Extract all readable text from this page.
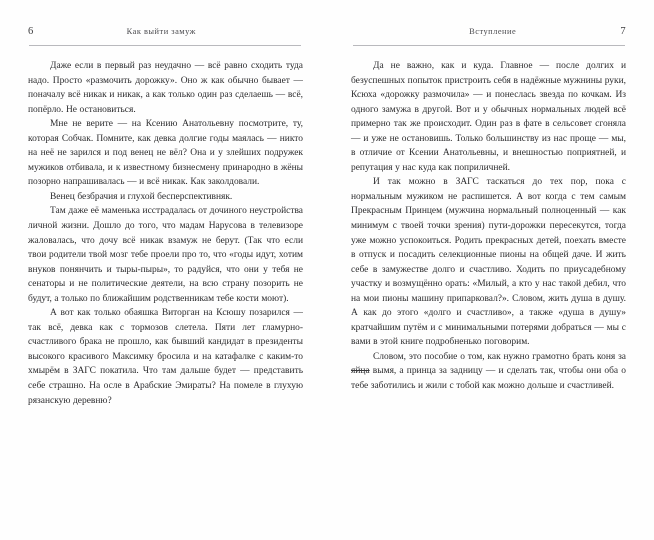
6	Как выйти замуж

Даже если в первый раз неудачно — всё равно сходить туда надо. Просто «размочить дорожку». Оно ж как обычно бывает — поначалу всё никак и никак, а как только один раз сделаешь — всё, попёрло. Не остановиться.

Мне не верите — на Ксению Анатольевну посмотрите, ту, которая Собчак. Помните, как девка долгие годы маялась — никто на неё не зарился и под венец не вёл? Она и у злейших подружек мужиков отбивала, и к известному бизнесмену принародно в жёны позорно напрашивалась — и всё никак. Как заколдовали.

Венец безбрачия и глухой бесперспективняк.

Там даже её маменька исстрадалась от дочиного неустройства личной жизни. Дошло до того, что мадам Нарусова в телевизоре жаловалась, что дочу всё никак взамуж не берут. (Так что если твои родители твой мозг тебе проели про то, что «годы идут, хотим внуков понянчить и тыры-пыры», то радуйся, что они у тебя не сенаторы и не политические деятели, на всю страну позорить не будут, а только по ближайшим родственникам тебе кости моют).

А вот как только обаяшка Виторган на Ксюшу позарился — так всё, девка как с тормозов слетела. Пяти лет гламурно-счастливого брака не прошло, как бывший кандидат в президенты высокого красивого Максимку бросила и на катафалке с каким-то хмырём в ЗАГС покатила. Что там дальше будет — представить себе страшно. На осле в Арабские Эмираты? На помеле в глухую рязанскую деревню?

Вступление	7

Да не важно, как и куда. Главное — после долгих и безуспешных попыток пристроить себя в надёжные мужнины руки, Ксюха «дорожку размочила» — и понеслась звезда по кочкам. Из одного замужа в другой. Вот и у обычных нормальных людей всё примерно так же происходит. Один раз в фате в сельсовет сгоняла — и уже не остановишь. Только большинству из нас проще — мы, в отличие от Ксении Анатольевны, и внешностью поприятней, и репутация у нас куда как поприличней.

И так можно в ЗАГС таскаться до тех пор, пока с нормальным мужиком не распишется. А вот когда с тем самым Прекрасным Принцем (мужчина нормальный полноценный — как минимум с твоей точки зрения) пути-дорожки пересекутся, тогда уже можно успокоиться. Родить прекрасных детей, поехать вместе в отпуск и посадить селекционные пионы на общей даче. И жить себе в замужестве долго и счастливо. Ходить по приусадебному участку и возмущённо орать: «Милый, а кто у нас такой дебил, что на мои пионы машину припарковал?». Словом, жить душа в душу. А как до этого «долго и счастливо», а также «душа в душу» кратчайшим путём и с минимальными потерями добраться — мы с вами в этой книге подробненько поговорим.

Словом, это пособие о том, как нужно грамотно брать коня за яйца вымя, а принца за задницу — и сделать так, чтобы они оба о тебе заботились и жили с тобой как можно дольше и счастливей.
